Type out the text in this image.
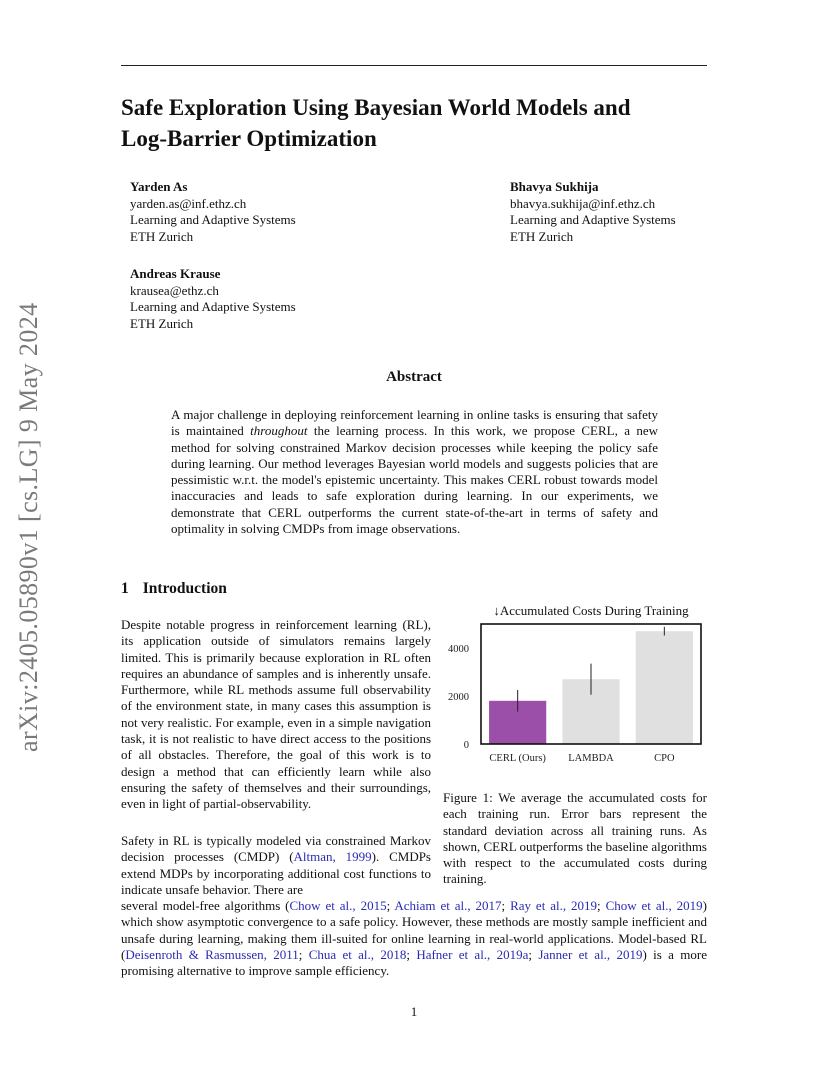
Safe Exploration Using Bayesian World Models and
Log-Barrier Optimization
Yarden As
yarden.as@inf.ethz.ch
Learning and Adaptive Systems
ETH Zurich
Bhavya Sukhija
bhavya.sukhija@inf.ethz.ch
Learning and Adaptive Systems
ETH Zurich
Andreas Krause
krausea@ethz.ch
Learning and Adaptive Systems
ETH Zurich
arXiv:2405.05890v1 [cs.LG] 9 May 2024	Abstract
A major challenge in deploying reinforcement learning in online tasks is ensuring that safety is maintained throughout the learning process. In this work, we propose CERL, a new method for solving constrained Markov decision processes while keeping the policy safe during learning. Our method leverages Bayesian world models and suggests policies that are pessimistic w.r.t. the model's epistemic uncertainty. This makes CERL robust towards model inaccuracies and leads to safe exploration during learning. In our experiments, we demonstrate that CERL outperforms the current state-of-the-art in terms of safety and optimality in solving CMDPs from image observations.
1 Introduction

Despite notable progress in reinforcement learning (RL), its application outside of simulators remains largely limited. This is primarily because exploration in RL often requires an abundance of samples and is inherently unsafe. Furthermore, while RL methods assume full observability of the environment state, in many cases this assumption is not very realistic. For example, even in a simple navigation task, it is not realistic to have direct access to the positions of all obstacles. Therefore, the goal of this work is to design a method that can efficiently learn while also ensuring the safety of themselves and their surroundings, even in light of partial-observability.

Safety in RL is typically modeled via constrained Markov decision processes (CMDP) (Altman, 1999). CMDPs extend MDPs by incorporating additional cost functions to indicate unsafe behavior. There are

several model-free algorithms (Chow et al., 2015; Achiam et al., 2017; Ray et al., 2019; Chow et al., 2019) which show asymptotic convergence to a safe policy. However, these methods are mostly sample inefficient and unsafe during learning, making them ill-suited for online learning in real-world applications. Model-based RL (Deisenroth & Rasmussen, 2011; Chua et al., 2018; Hafner et al., 2019a; Janner et al., 2019) is a more promising alternative to improve sample efficiency.

↓Accumulated Costs During Training
CERL (Ours) LAMBDA	CPO
0
2000
4000

Figure 1: We average the accumulated costs for each training run. Error bars represent the standard deviation across all training runs. As shown, CERL outperforms the baseline algorithms with respect to the accumulated costs during training.

1
